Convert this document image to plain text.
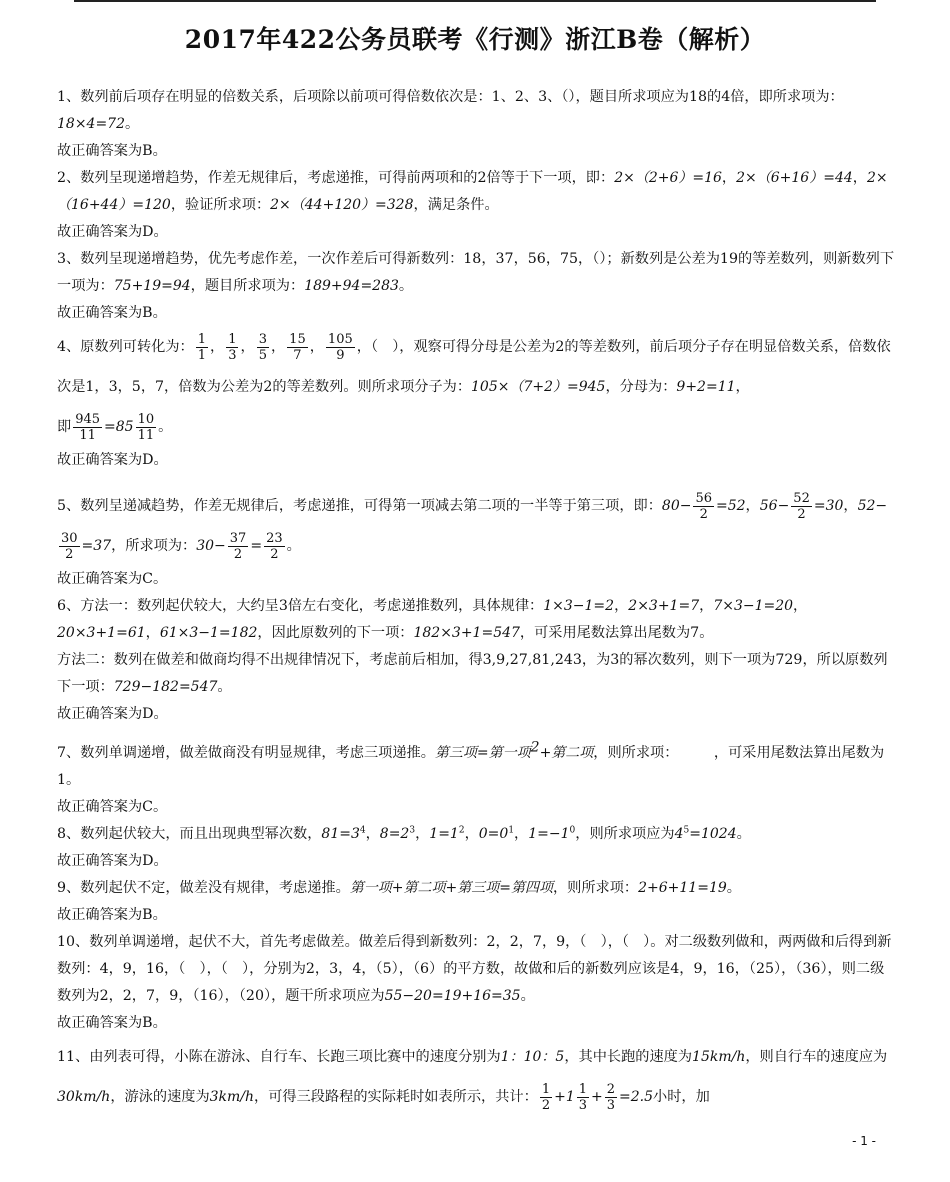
2017年422公务员联考《行测》浙江B卷（解析）

1、数列前后项存在明显的倍数关系，后项除以前项可得倍数依次是：1、2、3、（），题目所求项应为18的4倍，即所求项为：18×4=72。

故正确答案为B。

2、数列呈现递增趋势，作差无规律后，考虑递推，可得前两项和的2倍等于下一项，即：2×（2+6）=16，2×（6+16）=44，2×（16+44）=120，验证所求项：2×（44+120）=328，满足条件。

故正确答案为D。

3、数列呈现递增趋势，优先考虑作差，一次作差后可得新数列：18，37，56，75，（）；新数列是公差为19的等差数列，则新数列下一项为：75+19=94，题目所求项为：189+94=283。

故正确答案为B。

4、原数列可转化为： $\frac{1}{1}$ ， $\frac{1}{3}$ ， $\frac{3}{5}$ ， $\frac{15}{7}$ ， $\frac{105}{9}$ ，（　），观察可得分母是公差为2的等差数列，前后项分子存在明显倍数关系，倍数依次是1，3，5，7，倍数为公差为2的等差数列。则所求项分子为：105×（7+2）=945，分母为：9+2=11，
即 $\frac{945}{11} =85 \frac{10}{11}$ 。

故正确答案为D。

5、数列呈递减趋势，作差无规律后，考虑递推，可得第一项减去第二项的一半等于第三项，即：$80- \frac{56}{2} =52$，$56- \frac{52}{2} =30$，52−
$\frac{30}{2} =37$，所求项为：$30- \frac{37}{2} = \frac{23}{2}$ 。

故正确答案为C。

6、方法一：数列起伏较大，大约呈3倍左右变化，考虑递推数列，具体规律：1×3−1=2，2×3+1=7，7×3−1=20，20×3+1=61，61×3−1=182，因此原数列的下一项：182×3+1=547，可采用尾数法算出尾数为7。

方法二：数列在做差和做商均得不出规律情况下，考虑前后相加，得3,9,27,81,243，为3的幂次数列，则下一项为729，所以原数列下一项：729−182=547。

故正确答案为D。

7、数列单调递增，做差做商没有明显规律，考虑三项递推。第三项=第一项$^2$+第二项，则所求项：　　　，可采用尾数法算出尾数为1。

故正确答案为C。

8、数列起伏较大，而且出现典型幂次数，$81=3^4$，$8=2^3$，$1=1^2$，$0=0^1$，$1=-1^0$，则所求项应为$4^5=1024$。

故正确答案为D。

9、数列起伏不定，做差没有规律，考虑递推。第一项+第二项+第三项=第四项，则所求项：2+6+11=19。

故正确答案为B。

10、数列单调递增，起伏不大，首先考虑做差。做差后得到新数列：2，2，7，9，（　），（　）。对二级数列做和，两两做和后得到新数列：4，9，16，（　），（　），分别为2，3，4，（5），（6）的平方数，故做和后的新数列应该是4，9，16，（25），（36），则二级数列为2，2，7，9，（16），（20），题干所求项应为55−20=19+16=35。

故正确答案为B。

11、由列表可得，小陈在游泳、自行车、长跑三项比赛中的速度分别为1：10：5，其中长跑的速度为15km/h，则自行车的速度应为30km/h，游泳的速度为3km/h，可得三段路程的实际耗时如表所示，共计： $\frac{1}{2} +1 \frac{1}{3} + \frac{2}{3} =2.5$小时，加

- 1 -
